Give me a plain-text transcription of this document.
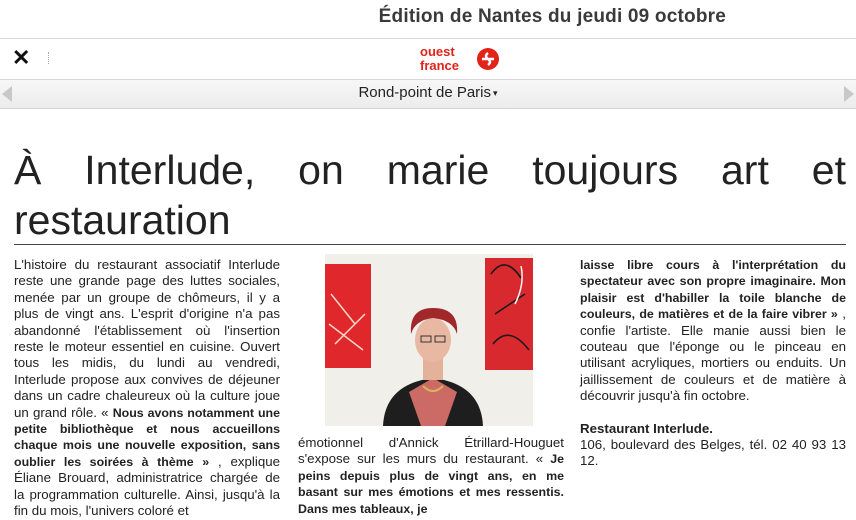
Édition de Nantes du jeudi 09 octobre
✕	ouest
france
Rond-point de Paris ▾
À Interlude, on marie toujours art et restauration

L'histoire du restaurant associatif Interlude reste une grande page des luttes sociales, menée par un groupe de chômeurs, il y a plus de vingt ans. L'esprit d'origine n'a pas abandonné l'établissement où l'insertion reste le moteur essentiel en cuisine. Ouvert tous les midis, du lundi au vendredi, Interlude propose aux convives de déjeuner dans un cadre chaleureux où la culture joue un grand rôle. « Nous avons notamment une petite bibliothèque et nous accueillons chaque mois une nouvelle exposition, sans oublier les soirées à thème » , explique Éliane Brouard, administratrice chargée de la programmation culturelle. Ainsi, jusqu'à la fin du mois, l'univers coloré et

émotionnel d'Annick Étrillard-Houguet s'expose sur les murs du restaurant. « Je peins depuis plus de vingt ans, en me basant sur mes émotions et mes ressentis. Dans mes tableaux, je

laisse libre cours à l'interprétation du spectateur avec son propre imaginaire. Mon plaisir est d'habiller la toile blanche de couleurs, de matières et de la faire vibrer » , confie l'artiste. Elle manie aussi bien le couteau que l'éponge ou le pinceau en utilisant acryliques, mortiers ou enduits. Un jaillissement de couleurs et de matière à découvrir jusqu'à fin octobre.

Restaurant Interlude.
106, boulevard des Belges, tél. 02 40 93 13 12.
